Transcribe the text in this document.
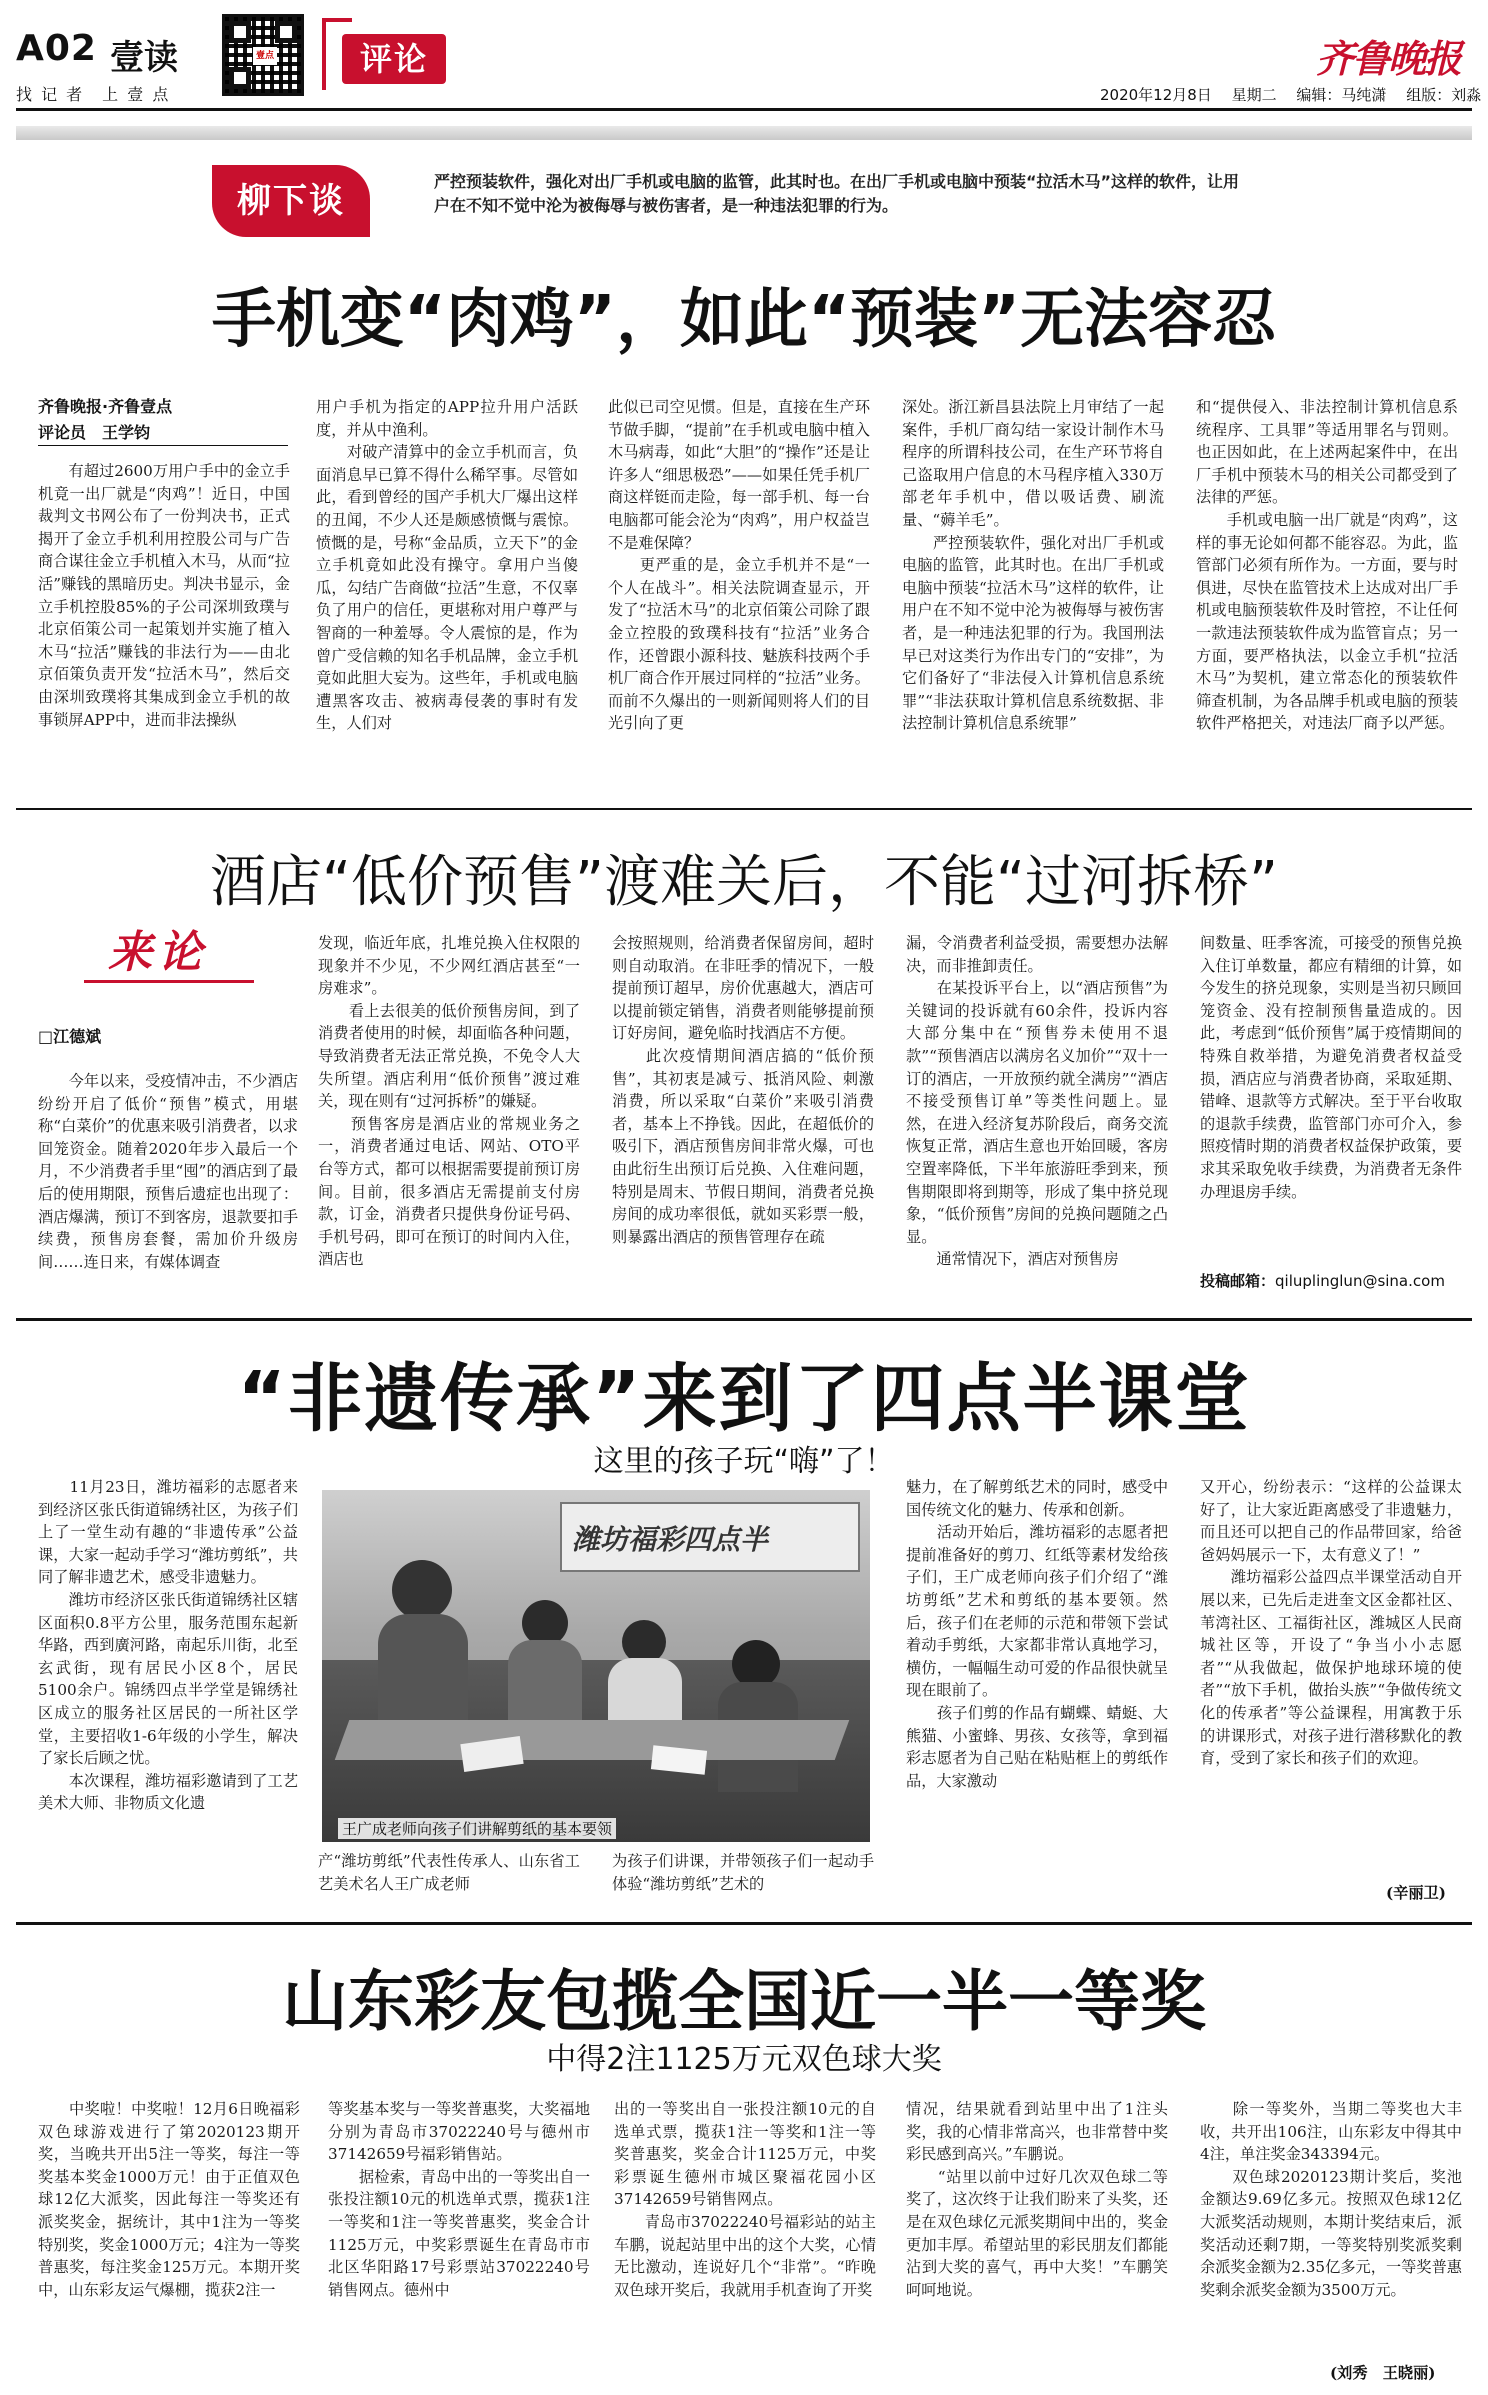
A02 壹读
找 记 者　上 壹 点
壹点	评论	齐鲁晚报
2020年12月8日　 星期二　 编辑：马纯潇　 组版：刘淼
柳下谈	严控预装软件，强化对出厂手机或电脑的监管，此其时也。在出厂手机或电脑中预装“拉活木马”这样的软件，让用户在不知不觉中沦为被侮辱与被伤害者，是一种违法犯罪的行为。
手机变“肉鸡”，如此“预装”无法容忍
齐鲁晚报·齐鲁壹点
评论员　王学钧
　　有超过2600万用户手中的金立手机竟一出厂就是“肉鸡”！近日，中国裁判文书网公布了一份判决书，正式揭开了金立手机利用控股公司与广告商合谋往金立手机植入木马，从而“拉活”赚钱的黑暗历史。判决书显示，金立手机控股85%的子公司深圳致璞与北京佰策公司一起策划并实施了植入木马“拉活”赚钱的非法行为——由北京佰策负责开发“拉活木马”，然后交由深圳致璞将其集成到金立手机的故事锁屏APP中，进而非法操纵
用户手机为指定的APP拉升用户活跃度，并从中渔利。
　　对破产清算中的金立手机而言，负面消息早已算不得什么稀罕事。尽管如此，看到曾经的国产手机大厂爆出这样的丑闻，不少人还是颇感愤慨与震惊。愤慨的是，号称“金品质，立天下”的金立手机竟如此没有操守。拿用户当傻瓜，勾结广告商做“拉活”生意，不仅辜负了用户的信任，更堪称对用户尊严与智商的一种羞辱。令人震惊的是，作为曾广受信赖的知名手机品牌，金立手机竟如此胆大妄为。这些年，手机或电脑遭黑客攻击、被病毒侵袭的事时有发生，人们对
此似已司空见惯。但是，直接在生产环节做手脚，“提前”在手机或电脑中植入木马病毒，如此“大胆”的“操作”还是让许多人“细思极恐”——如果任凭手机厂商这样铤而走险，每一部手机、每一台电脑都可能会沦为“肉鸡”，用户权益岂不是难保障？
　　更严重的是，金立手机并不是“一个人在战斗”。相关法院调查显示，开发了“拉活木马”的北京佰策公司除了跟金立控股的致璞科技有“拉活”业务合作，还曾跟小源科技、魅族科技两个手机厂商合作开展过同样的“拉活”业务。而前不久爆出的一则新闻则将人们的目光引向了更
深处。浙江新昌县法院上月审结了一起案件，手机厂商勾结一家设计制作木马程序的所谓科技公司，在生产环节将自己盗取用户信息的木马程序植入330万部老年手机中，借以吸话费、刷流量、“薅羊毛”。
　　严控预装软件，强化对出厂手机或电脑的监管，此其时也。在出厂手机或电脑中预装“拉活木马”这样的软件，让用户在不知不觉中沦为被侮辱与被伤害者，是一种违法犯罪的行为。我国刑法早已对这类行为作出专门的“安排”，为它们备好了“非法侵入计算机信息系统罪”“非法获取计算机信息系统数据、非法控制计算机信息系统罪”
和“提供侵入、非法控制计算机信息系统程序、工具罪”等适用罪名与罚则。也正因如此，在上述两起案件中，在出厂手机中预装木马的相关公司都受到了法律的严惩。
　　手机或电脑一出厂就是“肉鸡”，这样的事无论如何都不能容忍。为此，监管部门必须有所作为。一方面，要与时俱进，尽快在监管技术上达成对出厂手机或电脑预装软件及时管控，不让任何一款违法预装软件成为监管盲点；另一方面，要严格执法，以金立手机“拉活木马”为契机，建立常态化的预装软件筛查机制，为各品牌手机或电脑的预装软件严格把关，对违法厂商予以严惩。
酒店“低价预售”渡难关后，不能“过河拆桥”
来论
□江德斌
　　今年以来，受疫情冲击，不少酒店纷纷开启了低价“预售”模式，用堪称“白菜价”的优惠来吸引消费者，以求回笼资金。随着2020年步入最后一个月，不少消费者手里“囤”的酒店到了最后的使用期限，预售后遗症也出现了：酒店爆满，预订不到客房，退款要扣手续费，预售房套餐，需加价升级房间……连日来，有媒体调查
发现，临近年底，扎堆兑换入住权限的现象并不少见，不少网红酒店甚至“一房难求”。
　　看上去很美的低价预售房间，到了消费者使用的时候，却面临各种问题，导致消费者无法正常兑换，不免令人大失所望。酒店利用“低价预售”渡过难关，现在则有“过河拆桥”的嫌疑。
　　预售客房是酒店业的常规业务之一，消费者通过电话、网站、OTO平台等方式，都可以根据需要提前预订房间。目前，很多酒店无需提前支付房款，订金，消费者只提供身份证号码、手机号码，即可在预订的时间内入住，酒店也
会按照规则，给消费者保留房间，超时则自动取消。在非旺季的情况下，一般提前预订超早，房价优惠越大，酒店可以提前锁定销售，消费者则能够提前预订好房间，避免临时找酒店不方便。
　　此次疫情期间酒店搞的“低价预售”，其初衷是减亏、抵消风险、刺激消费，所以采取“白菜价”来吸引消费者，基本上不挣钱。因此，在超低价的吸引下，酒店预售房间非常火爆，可也由此衍生出预订后兑换、入住难问题，特别是周末、节假日期间，消费者兑换房间的成功率很低，就如买彩票一般，则暴露出酒店的预售管理存在疏
漏，令消费者利益受损，需要想办法解决，而非推卸责任。
　　在某投诉平台上，以“酒店预售”为关键词的投诉就有60余件，投诉内容大部分集中在“预售券未使用不退款”“预售酒店以满房名义加价”“双十一订的酒店，一开放预约就全满房”“酒店不接受预售订单”等类性问题上。显然，在进入经济复苏阶段后，商务交流恢复正常，酒店生意也开始回暖，客房空置率降低，下半年旅游旺季到来，预售期限即将到期等，形成了集中挤兑现象，“低价预售”房间的兑换问题随之凸显。
　　通常情况下，酒店对预售房
间数量、旺季客流，可接受的预售兑换入住订单数量，都应有精细的计算，如今发生的挤兑现象，实则是当初只顾回笼资金、没有控制预售量造成的。因此，考虑到“低价预售”属于疫情期间的特殊自救举措，为避免消费者权益受损，酒店应与消费者协商，采取延期、错峰、退款等方式解决。至于平台收取的退款手续费，监管部门亦可介入，参照疫情时期的消费者权益保护政策，要求其采取免收手续费，为消费者无条件办理退房手续。
投稿邮箱：qiluplinglun@sina.com
“非遗传承”来到了四点半课堂
这里的孩子玩“嗨”了！
　　11月23日，潍坊福彩的志愿者来到经济区张氏街道锦绣社区，为孩子们上了一堂生动有趣的“非遗传承”公益课，大家一起动手学习“潍坊剪纸”，共同了解非遗艺术，感受非遗魅力。
　　潍坊市经济区张氏街道锦绣社区辖区面积0.8平方公里，服务范围东起新华路，西到廣河路，南起乐川街，北至玄武街，现有居民小区8个，居民5100余户。锦绣四点半学堂是锦绣社区成立的服务社区居民的一所社区学堂，主要招收1-6年级的小学生，解决了家长后顾之忧。
　　本次课程，潍坊福彩邀请到了工艺美术大师、非物质文化遗
潍坊福彩四点半
王广成老师向孩子们讲解剪纸的基本要领
产“潍坊剪纸”代表性传承人、山东省工艺美术名人王广成老师
为孩子们讲课，并带领孩子们一起动手体验“潍坊剪纸”艺术的
魅力，在了解剪纸艺术的同时，感受中国传统文化的魅力、传承和创新。
　　活动开始后，潍坊福彩的志愿者把提前准备好的剪刀、红纸等素材发给孩子们，王广成老师向孩子们介绍了“潍坊剪纸”艺术和剪纸的基本要领。然后，孩子们在老师的示范和带领下尝试着动手剪纸，大家都非常认真地学习，横仿，一幅幅生动可爱的作品很快就呈现在眼前了。
　　孩子们剪的作品有蝴蝶、蜻蜓、大熊猫、小蜜蜂、男孩、女孩等，拿到福彩志愿者为自己贴在粘贴框上的剪纸作品，大家激动
又开心，纷纷表示：“这样的公益课太好了，让大家近距离感受了非遗魅力，而且还可以把自己的作品带回家，给爸爸妈妈展示一下，太有意义了！”
　　潍坊福彩公益四点半课堂活动自开展以来，已先后走进奎文区金都社区、苇湾社区、工福街社区，潍城区人民商城社区等，开设了“争当小小志愿者”“从我做起，做保护地球环境的使者”“放下手机，做抬头族”“争做传统文化的传承者”等公益课程，用寓教于乐的讲课形式，对孩子进行潜移默化的教育，受到了家长和孩子们的欢迎。
(辛丽卫)
山东彩友包揽全国近一半一等奖
中得2注1125万元双色球大奖
　　中奖啦！中奖啦！12月6日晚福彩双色球游戏进行了第2020123期开奖，当晚共开出5注一等奖，每注一等奖基本奖金1000万元！由于正值双色球12亿大派奖，因此每注一等奖还有派奖奖金，据统计，其中1注为一等奖特别奖，奖金1000万元；4注为一等奖普惠奖，每注奖金125万元。本期开奖中，山东彩友运气爆棚，揽获2注一
等奖基本奖与一等奖普惠奖，大奖福地分别为青岛市37022240号与德州市37142659号福彩销售站。
　　据检索，青岛中出的一等奖出自一张投注额10元的机选单式票，揽获1注一等奖和1注一等奖普惠奖，奖金合计1125万元，中奖彩票诞生在青岛市市北区华阳路17号彩票站37022240号销售网点。德州中
出的一等奖出自一张投注额10元的自选单式票，揽获1注一等奖和1注一等奖普惠奖，奖金合计1125万元，中奖彩票诞生德州市城区聚福花园小区37142659号销售网点。
　　青岛市37022240号福彩站的站主车鹏，说起站里中出的这个大奖，心情无比激动，连说好几个“非常”。“昨晚双色球开奖后，我就用手机查询了开奖
情况，结果就看到站里中出了1注头奖，我的心情非常高兴，也非常替中奖彩民感到高兴。”车鹏说。
　　“站里以前中过好几次双色球二等奖了，这次终于让我们盼来了头奖，还是在双色球亿元派奖期间中出的，奖金更加丰厚。希望站里的彩民朋友们都能沾到大奖的喜气，再中大奖！”车鹏笑呵呵地说。
　　除一等奖外，当期二等奖也大丰收，共开出106注，山东彩友中得其中4注，单注奖金343394元。
　　双色球2020123期计奖后，奖池金额达9.69亿多元。按照双色球12亿大派奖活动规则，本期计奖结束后，派奖活动还剩7期，一等奖特别奖派奖剩余派奖金额为2.35亿多元，一等奖普惠奖剩余派奖金额为3500万元。
(刘秀　王晓丽)
